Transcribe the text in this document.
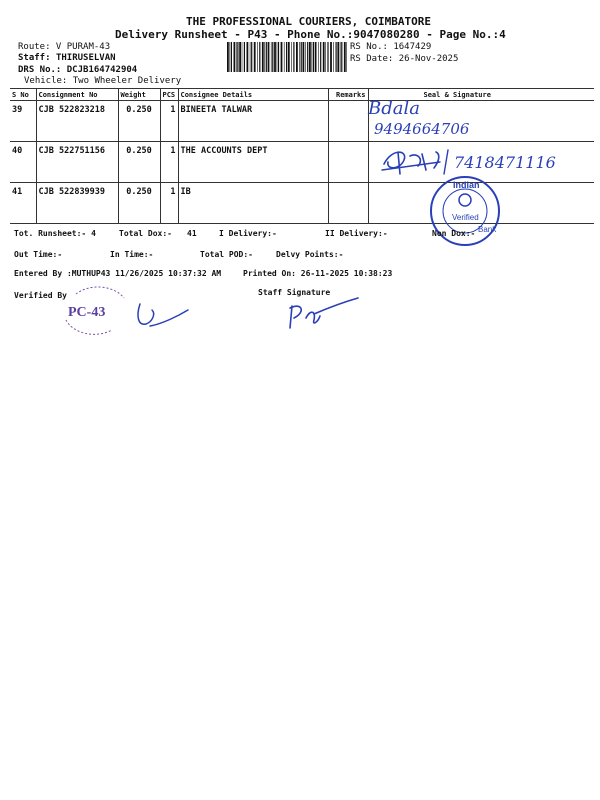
THE PROFESSIONAL COURIERS, COIMBATORE
Delivery Runsheet - P43 - Phone No.:9047080280 - Page No.:4
Route: V PURAM-43
Staff: THIRUSELVAN
DRS No.: DCJB164742904
Vehicle: Two Wheeler Delivery
RS No.: 1647429
RS Date: 26-Nov-2025
S No	Consignment No	Weight	PCS	Consignee Details	Remarks	Seal & Signature
39	CJB 522823218	0.250	1	BINEETA TALWAR		
40	CJB 522751156	0.250	1	THE ACCOUNTS DEPT		
41	CJB 522839939	0.250	1	IB		
Bdala
9494664706
7418471116
Indian
Verified
Bank
Tot. Runsheet:- 4	Total Dox:- 41	I Delivery:-	II Delivery:-	Non Dox:-
Out Time:-	In Time:-	Total POD:-	Delvy Points:-
Entered By :MUTHUP43 11/26/2025 10:37:32 AM	Printed On: 26-11-2025 10:38:23
Verified By	Staff Signature
PC-43
